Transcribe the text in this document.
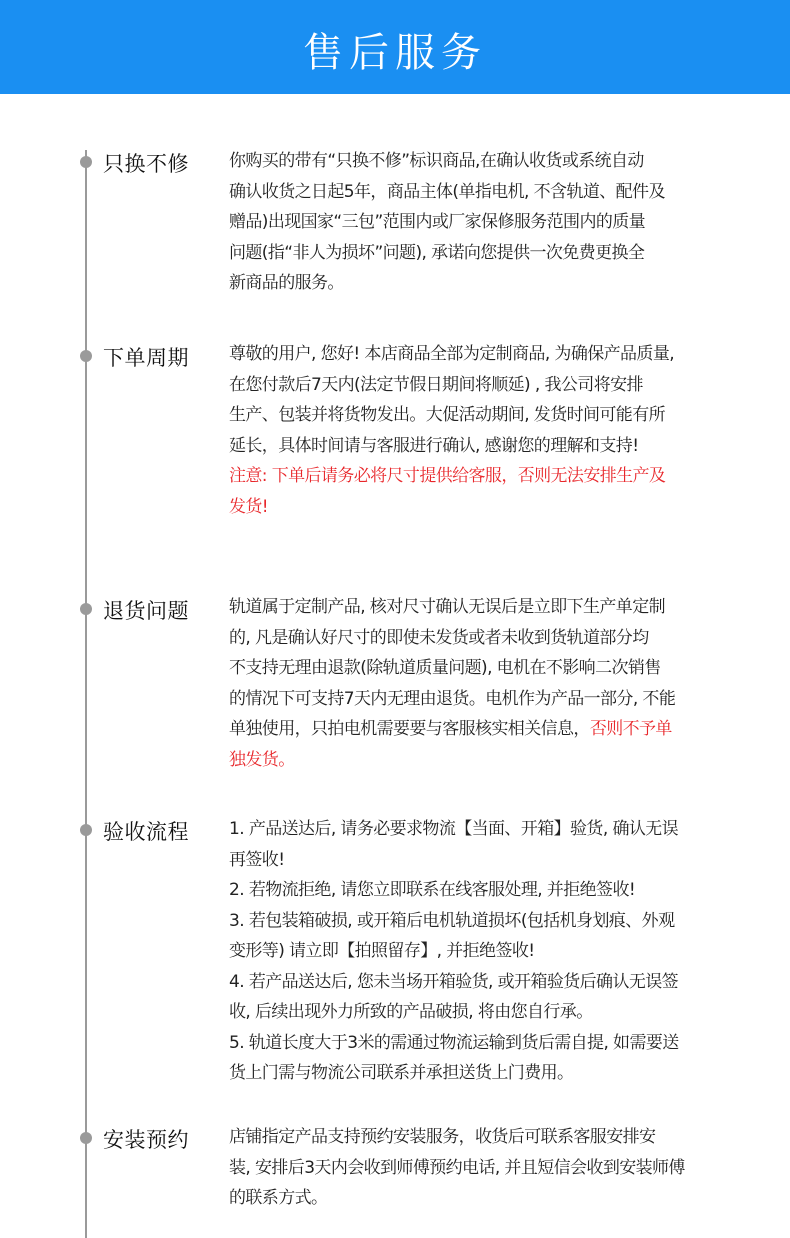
售后服务
只换不修 你购买的带有“只换不修”标识商品,在确认收货或系统自动
确认收货之日起5年，商品主体(单指电机, 不含轨道、配件及
赠品)出现国家“三包”范围内或厂家保修服务范围内的质量
问题(指“非人为损坏”问题), 承诺向您提供一次免费更换全
新商品的服务。
下单周期 尊敬的用户, 您好! 本店商品全部为定制商品, 为确保产品质量,
在您付款后7天内(法定节假日期间将顺延) , 我公司将安排
生产、包装并将货物发出。大促活动期间, 发货时间可能有所
延长，具体时间请与客服进行确认, 感谢您的理解和支持!
注意: 下单后请务必将尺寸提供给客服，否则无法安排生产及
发货!
退货问题 轨道属于定制产品, 核对尺寸确认无误后是立即下生产单定制
的, 凡是确认好尺寸的即使未发货或者未收到货轨道部分均
不支持无理由退款(除轨道质量问题), 电机在不影响二次销售
的情况下可支持7天内无理由退货。电机作为产品一部分, 不能
单独使用，只拍电机需要要与客服核实相关信息，否则不予单
独发货。
验收流程 1. 产品送达后, 请务必要求物流【当面、开箱】验货, 确认无误
再签收!
2. 若物流拒绝, 请您立即联系在线客服处理, 并拒绝签收!
3. 若包装箱破损, 或开箱后电机轨道损坏(包括机身划痕、外观
变形等) 请立即【拍照留存】, 并拒绝签收!
4. 若产品送达后, 您未当场开箱验货, 或开箱验货后确认无误签
收, 后续出现外力所致的产品破损, 将由您自行承。
5. 轨道长度大于3米的需通过物流运输到货后需自提, 如需要送
货上门需与物流公司联系并承担送货上门费用。
安装预约 店铺指定产品支持预约安装服务，收货后可联系客服安排安
装, 安排后3天内会收到师傅预约电话, 并且短信会收到安装师傅
的联系方式。
